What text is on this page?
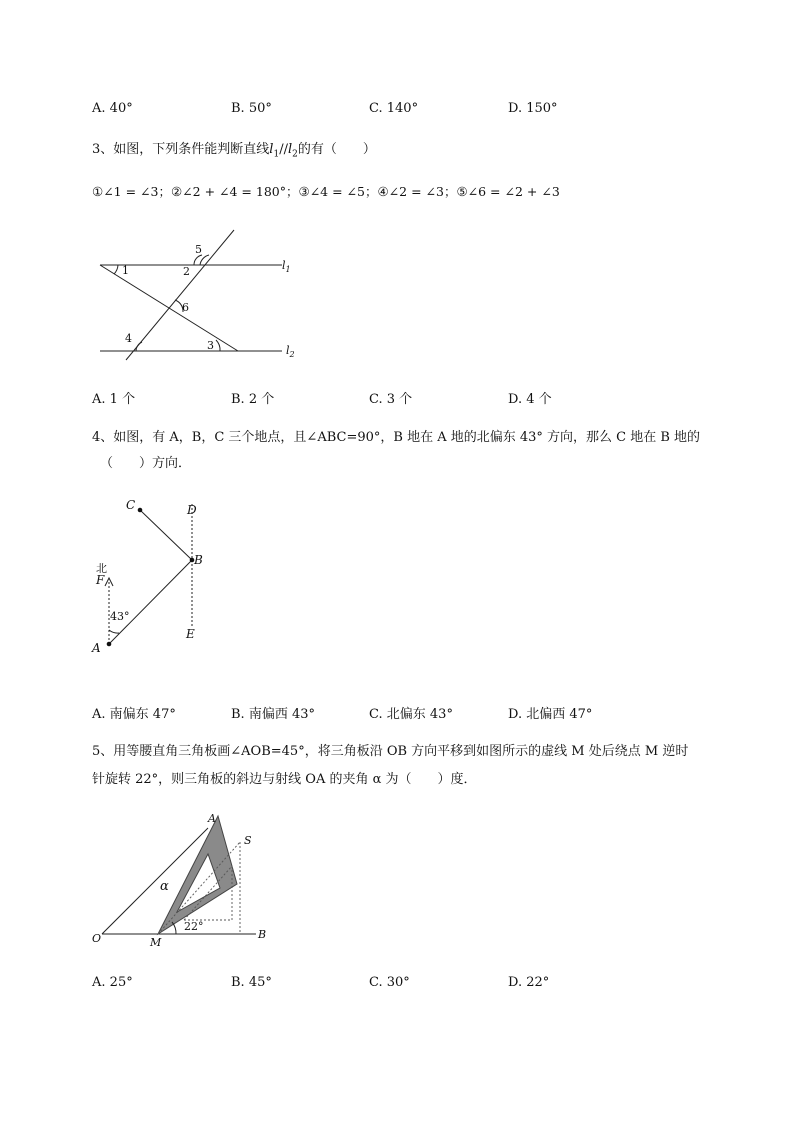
A. 40°	B. 50°	C. 140°	D. 150°
3、如图，下列条件能判断直线$l_1//l_2$的有（　　）
①∠1 = ∠3；②∠2 + ∠4 = 180°；③∠4 = ∠5；④∠2 = ∠3；⑤∠6 = ∠2 + ∠3
1	2
3
4
5
6
$l_1$
$l_2$
A. 1 个	B. 2 个	C. 3 个	D. 4 个
4、如图，有 A，B，C 三个地点，且∠ABC=90°，B 地在 A 地的北偏东 43° 方向，那么 C 地在 B 地的
（　　）方向．
C	D
B
F
E
A
北
43°
A. 南偏东 47°	B. 南偏西 43°	C. 北偏东 43°	D. 北偏西 47°
5、用等腰直角三角板画∠AOB=45°，将三角板沿 OB 方向平移到如图所示的虚线 M 处后绕点 M 逆时
针旋转 22°，则三角板的斜边与射线 OA 的夹角 α 为（　　）度．
A
S
α
O	M
B
22°
A. 25°	B. 45°	C. 30°	D. 22°
